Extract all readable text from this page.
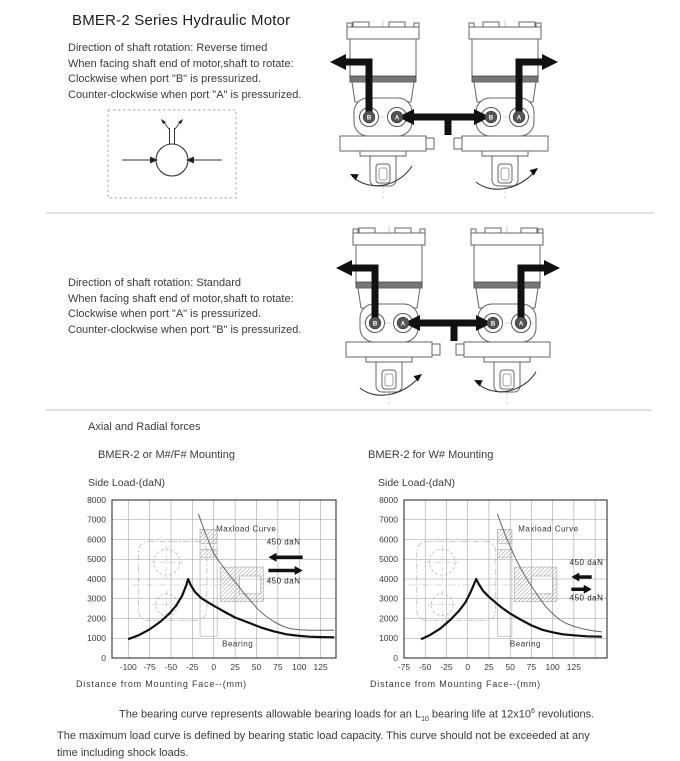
BMER-2 Series Hydraulic Motor
Direction of shaft rotation: Reverse timed
When facing shaft end of motor,shaft to rotate:
Clockwise when port "B" is pressurized.
Counter-clockwise when port "A" is pressurized.
B	A	B	A
Direction of shaft rotation: Standard
When facing shaft end of motor,shaft to rotate:
Clockwise when port "A" is pressurized.
Counter-clockwise when port "B" is pressurized.	B	A	B	A
Axial and Radial forces
BMER-2 or M#/F# Mounting	BMER-2 for W# Mounting
Side Load-(daN)	Side Load-(daN)
Maxload Curve
Bearing
450 daN
450 daN
0
1000
2000
3000
4000
5000
6000
7000
8000
-100 -75 -50 -25 0 25 50 75 100 125
Distance from Mounting Face--(mm)
Maxload Curve
Bearing
450 daN
450 daN
0
1000
2000
3000
4000
5000
6000
7000
8000
-75 -50 -25 0 25 50 75 100 125
Distance from Mounting Face--(mm)
The bearing curve represents allowable bearing loads for an $L_{10}$ bearing life at $12x10^6$ revolutions.
The maximum load curve is defined by bearing static load capacity. This curve should not be exceeded at any
time including shock loads.
